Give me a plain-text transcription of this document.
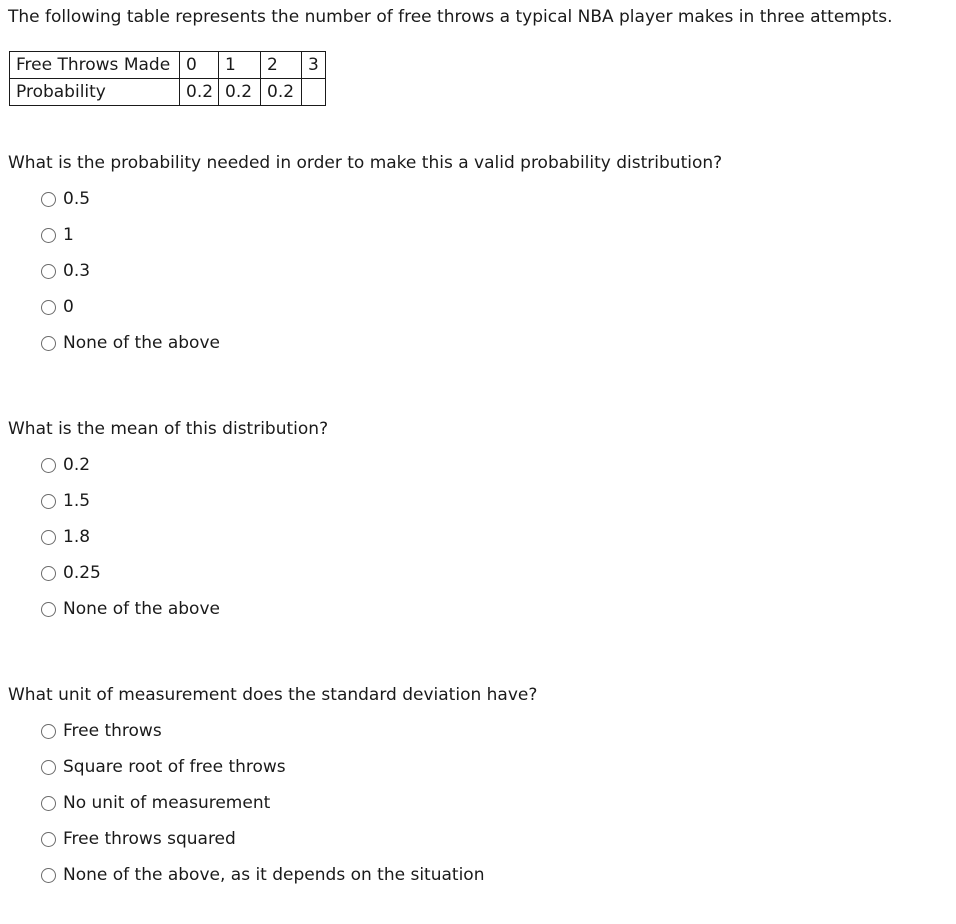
The following table represents the number of free throws a typical NBA player makes in three attempts.

Free Throws Made	0	1	2	3
Probability	0.2	0.2	0.2	

What is the probability needed in order to make this a valid probability distribution?

0.5
1
0.3
0
None of the above

What is the mean of this distribution?

0.2
1.5
1.8
0.25
None of the above

What unit of measurement does the standard deviation have?

Free throws
Square root of free throws
No unit of measurement
Free throws squared
None of the above, as it depends on the situation
